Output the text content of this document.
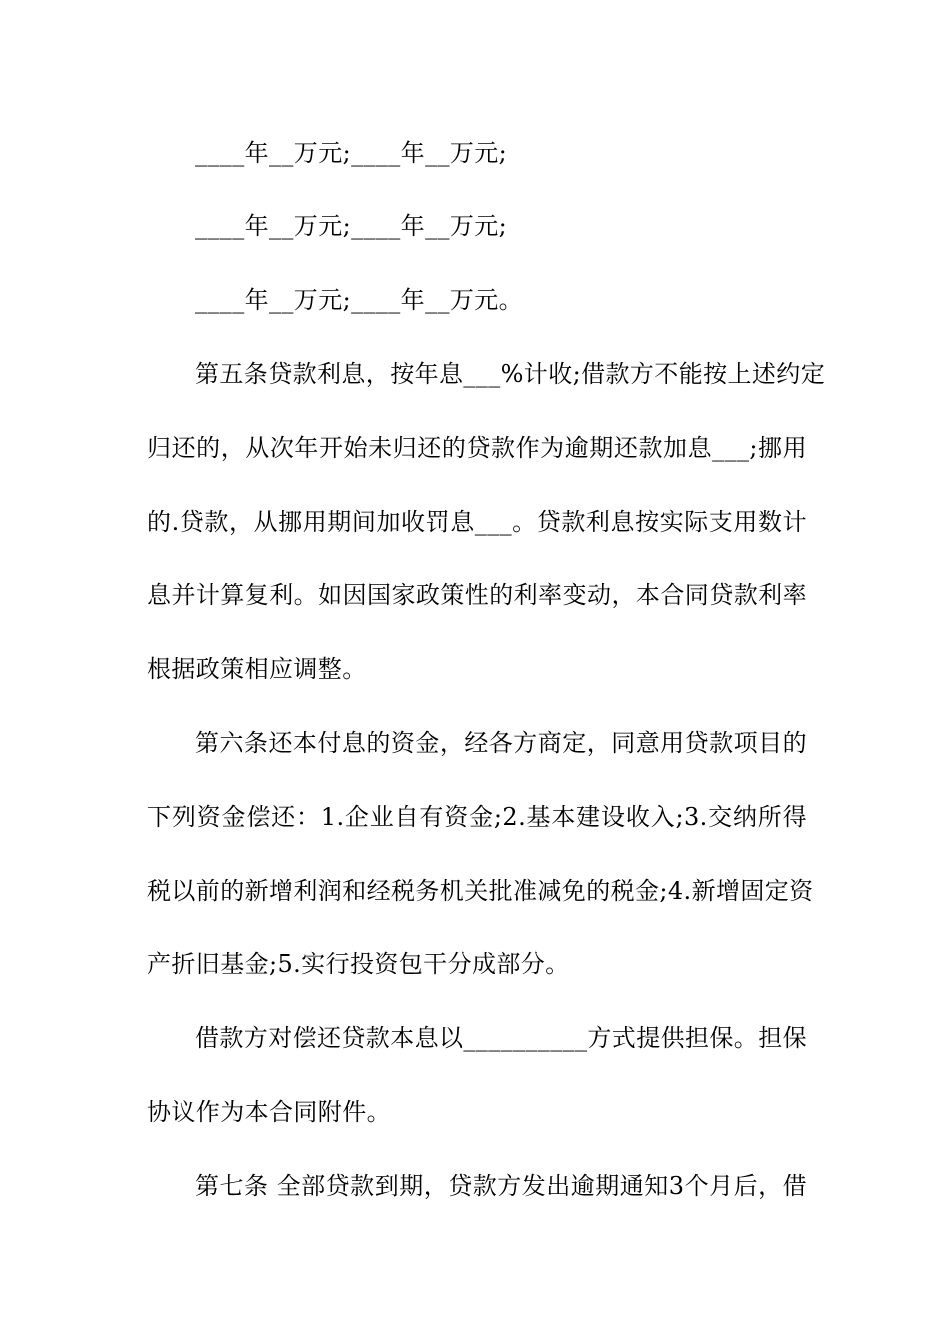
____年__万元;____年__万元;
____年__万元;____年__万元;
____年__万元;____年__万元。
第五条贷款利息，按年息___%计收;借款方不能按上述约定
归还的，从次年开始未归还的贷款作为逾期还款加息___;挪用
的.贷款，从挪用期间加收罚息___。贷款利息按实际支用数计
息并计算复利。如因国家政策性的利率变动，本合同贷款利率
根据政策相应调整。
第六条还本付息的资金，经各方商定，同意用贷款项目的
下列资金偿还：1.企业自有资金;2.基本建设收入;3.交纳所得
税以前的新增利润和经税务机关批准减免的税金;4.新增固定资
产折旧基金;5.实行投资包干分成部分。
借款方对偿还贷款本息以__________方式提供担保。担保
协议作为本合同附件。
第七条 全部贷款到期，贷款方发出逾期通知3个月后，借
